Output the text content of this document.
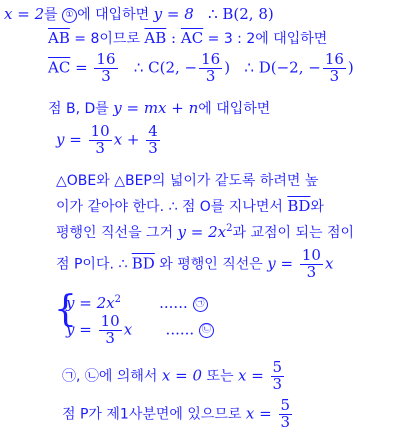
x = 2를 ① 에 대입하면 y = 8 ∴ B(2, 8)
$\overline{AB} = 8$이므로 $\overline{AB}$ : $\overline{AC} = 3$ : 2에 대입하면
$\overline{AC} = \frac{16}{3}$ ∴ C(2, − $\frac{16}{3}$ ) ∴ D(−2, − $\frac{16}{3}$ )
점 B, D를 y = mx + n에 대입하면
$y = \frac{10}{3}$ $x + \frac{4}{3}$
△OBE와 △BEP의 넓이가 같도록 하려면 높
이가 같아야 한다. ∴ 점 O를 지나면서 $\overline{BD}$와
평행인 직선을 그거 $y = 2x^2$과 교점이 되는 점이
점 P이다. ∴ $\overline{BD}$ 와 평행인 직선은 $y = \frac{10}{3}$ x
{
$y = 2x^2$	...... ㉠
$y = \frac{10}{3}$ x ...... ㉡
㉠, ㉡에 의해서 x = 0 또는 $x = \frac{5}{3}$
점 P가 제1사분면에 있으므로 $x = \frac{5}{3}$
